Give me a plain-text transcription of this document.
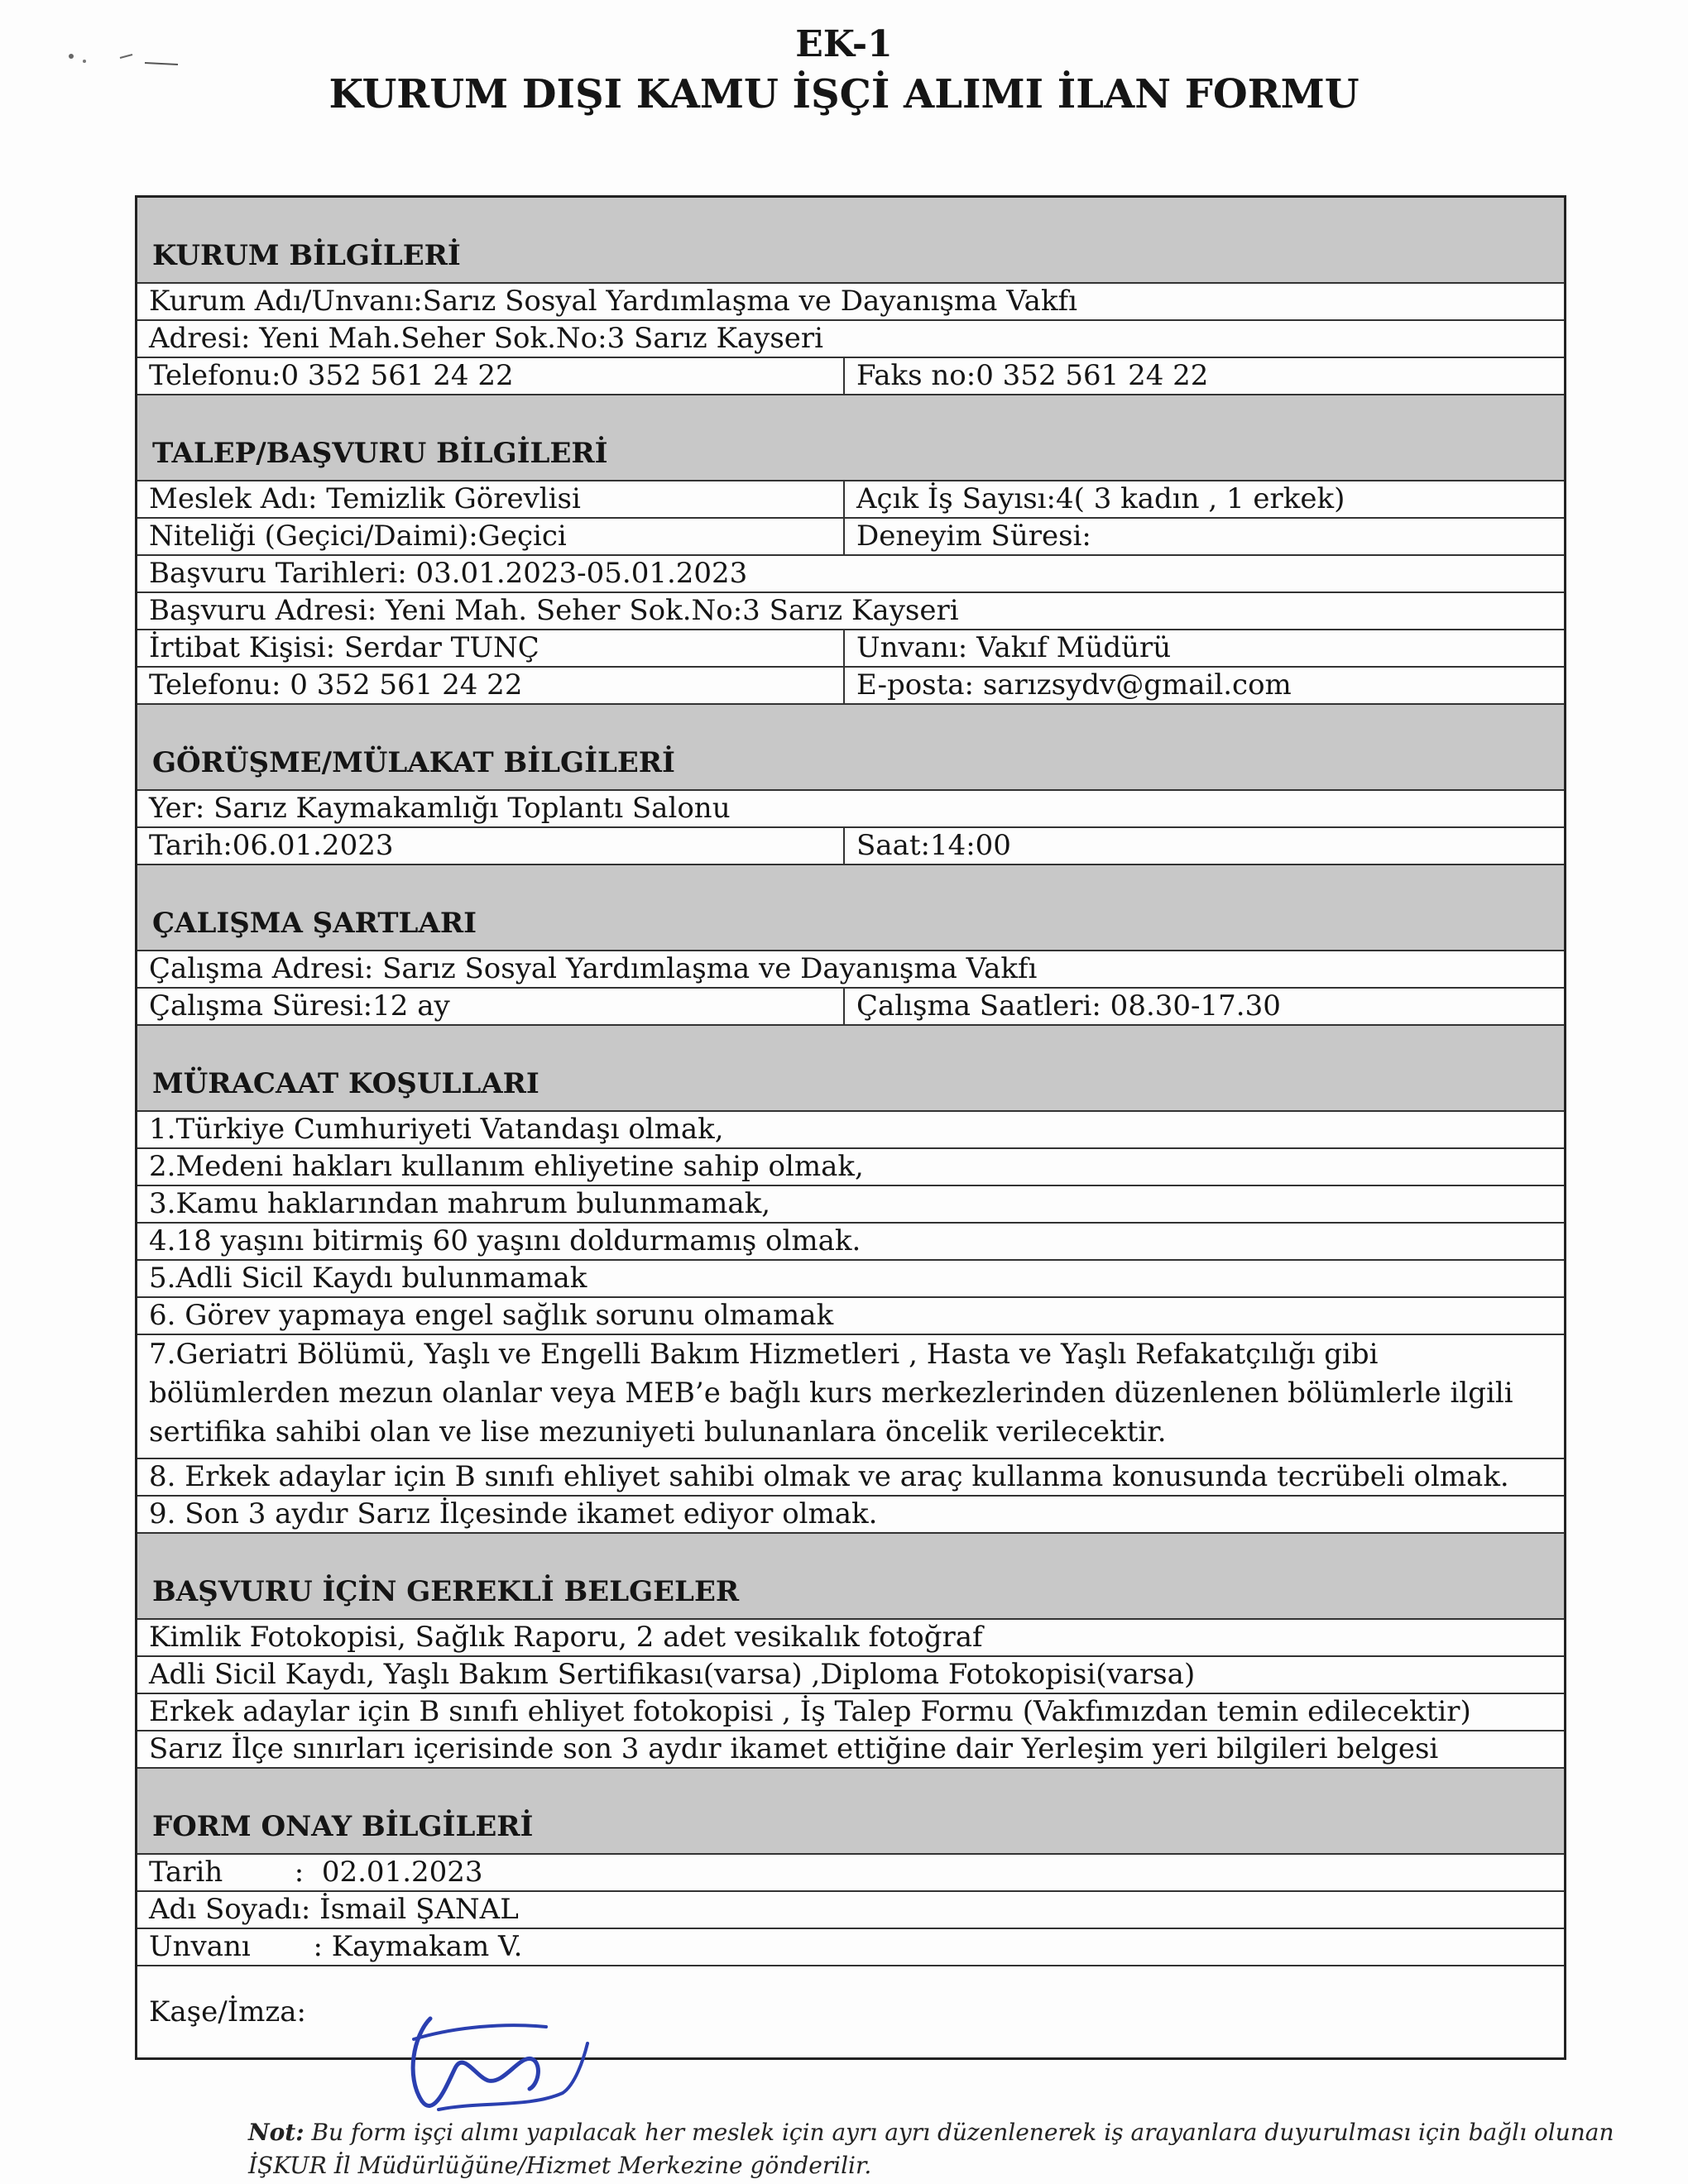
EK-1
KURUM DIŞI KAMU İŞÇİ ALIMI İLAN FORMU
KURUM BİLGİLERİ
Kurum Adı/Unvanı:Sarız Sosyal Yardımlaşma ve Dayanışma Vakfı
Adresi: Yeni Mah.Seher Sok.No:3 Sarız Kayseri
Telefonu:0 352 561 24 22	Faks no:0 352 561 24 22
TALEP/BAŞVURU BİLGİLERİ
Meslek Adı: Temizlik Görevlisi	Açık İş Sayısı:4( 3 kadın , 1 erkek)
Niteliği (Geçici/Daimi):Geçici	Deneyim Süresi:
Başvuru Tarihleri: 03.01.2023-05.01.2023
Başvuru Adresi: Yeni Mah. Seher Sok.No:3 Sarız Kayseri
İrtibat Kişisi: Serdar TUNÇ	Unvanı: Vakıf Müdürü
Telefonu: 0 352 561 24 22	E-posta: sarızsydv@gmail.com
GÖRÜŞME/MÜLAKAT BİLGİLERİ
Yer: Sarız Kaymakamlığı Toplantı Salonu
Tarih:06.01.2023	Saat:14:00
ÇALIŞMA ŞARTLARI
Çalışma Adresi: Sarız Sosyal Yardımlaşma ve Dayanışma Vakfı
Çalışma Süresi:12 ay	Çalışma Saatleri: 08.30-17.30
MÜRACAAT KOŞULLARI
1.Türkiye Cumhuriyeti Vatandaşı olmak,
2.Medeni hakları kullanım ehliyetine sahip olmak,
3.Kamu haklarından mahrum bulunmamak,
4.18 yaşını bitirmiş 60 yaşını doldurmamış olmak.
5.Adli Sicil Kaydı bulunmamak
6. Görev yapmaya engel sağlık sorunu olmamak
7.Geriatri Bölümü, Yaşlı ve Engelli Bakım Hizmetleri , Hasta ve Yaşlı Refakatçılığı gibi bölümlerden mezun olanlar veya MEB’e bağlı kurs merkezlerinden düzenlenen bölümlerle ilgili sertifika sahibi olan ve lise mezuniyeti bulunanlara öncelik verilecektir.
8. Erkek adaylar için B sınıfı ehliyet sahibi olmak ve araç kullanma konusunda tecrübeli olmak.
9. Son 3 aydır Sarız İlçesinde ikamet ediyor olmak.
BAŞVURU İÇİN GEREKLİ BELGELER
Kimlik Fotokopisi, Sağlık Raporu, 2 adet vesikalık fotoğraf
Adli Sicil Kaydı, Yaşlı Bakım Sertifikası(varsa) ,Diploma Fotokopisi(varsa)
Erkek adaylar için B sınıfı ehliyet fotokopisi , İş Talep Formu (Vakfımızdan temin edilecektir)
Sarız İlçe sınırları içerisinde son 3 aydır ikamet ettiğine dair Yerleşim yeri bilgileri belgesi
FORM ONAY BİLGİLERİ
Tarih        :  02.01.2023
Adı Soyadı: İsmail ŞANAL
Unvanı       : Kaymakam V.
Kaşe/İmza:
Not: Bu form işçi alımı yapılacak her meslek için ayrı ayrı düzenlenerek iş arayanlara duyurulması için bağlı olunan İŞKUR İl Müdürlüğüne/Hizmet Merkezine gönderilir.
